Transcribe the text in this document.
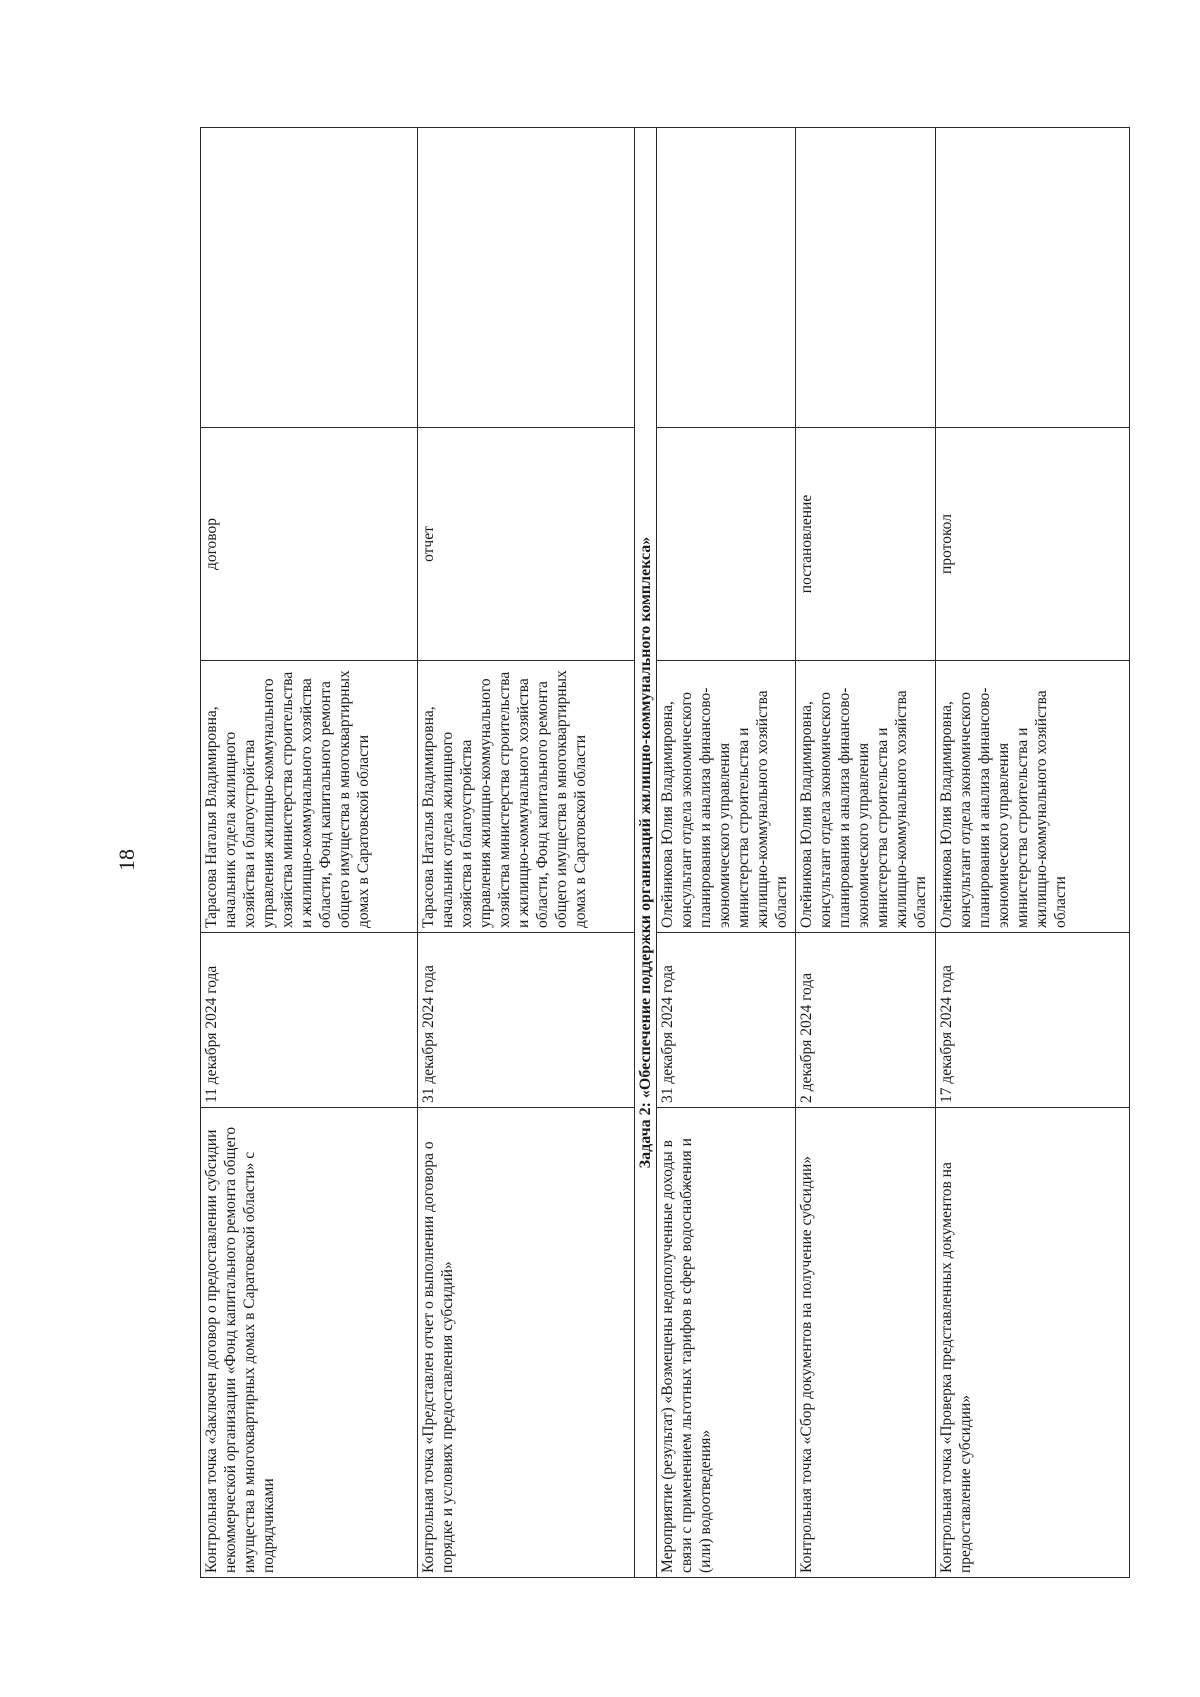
18
Контрольная точка «Заключен договор о предоставлении субсидии некоммерческой организации «Фонд капитального ремонта общего имущества в многоквартирных домах в Саратовской области» с подрядчиками	11 декабря 2024 года	Тарасова Наталья Владимировна, начальник отдела жилищного хозяйства и благоустройства управления жилищно-коммунального хозяйства министерства строительства и жилищно-коммунального хозяйства области, Фонд капитального ремонта общего имущества в многоквартирных домах в Саратовской области	договор	
Контрольная точка «Представлен отчет о выполнении договора о порядке и условиях предоставления субсидий»	31 декабря 2024 года	Тарасова Наталья Владимировна, начальник отдела жилищного хозяйства и благоустройства управления жилищно-коммунального хозяйства министерства строительства и жилищно-коммунального хозяйства области, Фонд капитального ремонта общего имущества в многоквартирных домах в Саратовской области	отчет	
Задача 2: «Обеспечение поддержки организаций жилищно-коммунального комплекса»				
Мероприятие (результат) «Возмещены недополученные доходы в связи с применением льготных тарифов в сфере водоснабжения и (или) водоотведения»	31 декабря 2024 года	Олейникова Юлия Владимировна, консультант отдела экономического планирования и анализа финансово-экономического управления министерства строительства и жилищно-коммунального хозяйства области		
Контрольная точка «Сбор документов на получение субсидии»	2 декабря 2024 года	Олейникова Юлия Владимировна, консультант отдела экономического планирования и анализа финансово-экономического управления министерства строительства и жилищно-коммунального хозяйства области	постановление	
Контрольная точка «Проверка представленных документов на предоставление субсидии»	17 декабря 2024 года	Олейникова Юлия Владимировна, консультант отдела экономического планирования и анализа финансово-экономического управления министерства строительства и жилищно-коммунального хозяйства области	протокол	
